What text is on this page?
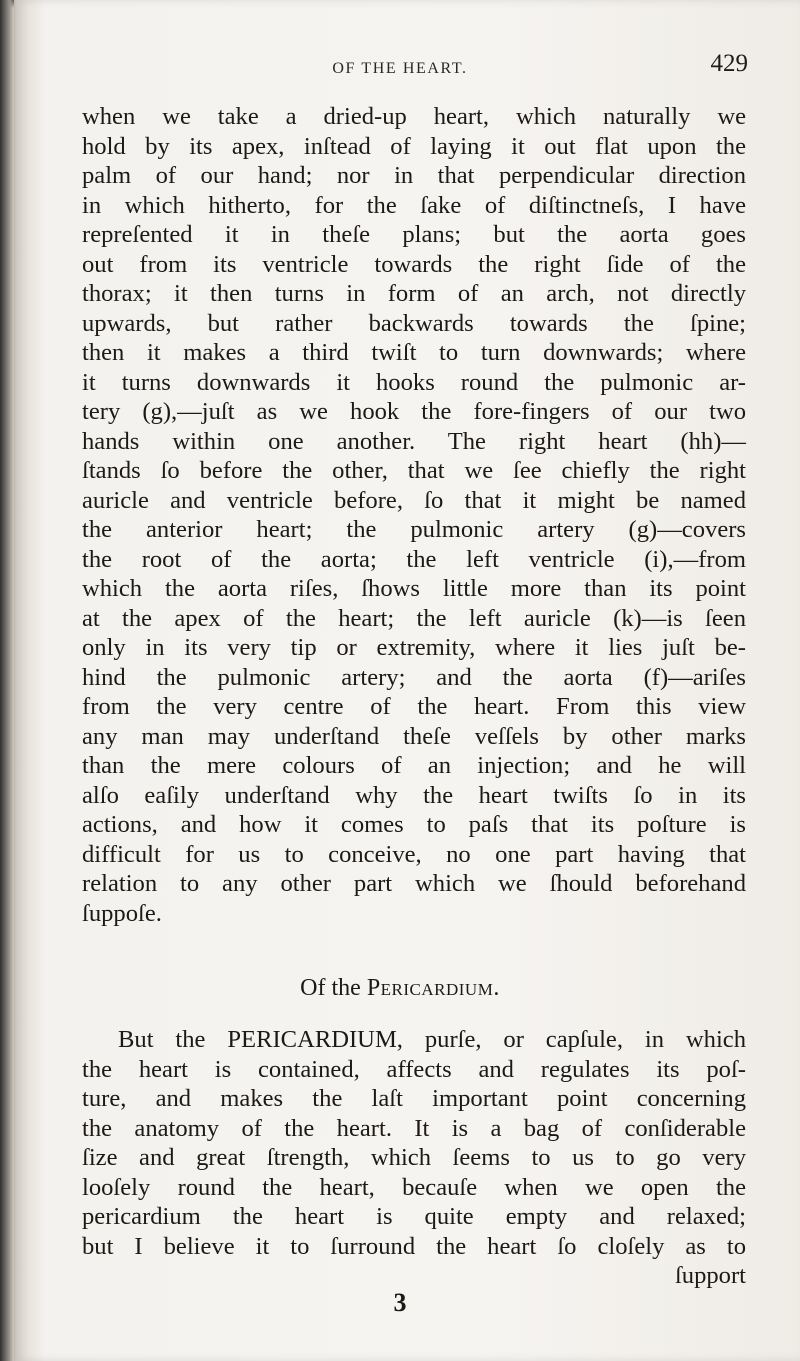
OF THE HEART.	429
when we take a dried-up heart, which naturally we
hold by its apex, inſtead of laying it out flat upon the
palm of our hand; nor in that perpendicular direction
in which hitherto, for the ſake of diſtinctneſs, I have
repreſented it in theſe plans; but the aorta goes
out from its ventricle towards the right ſide of the
thorax; it then turns in form of an arch, not directly
upwards, but rather backwards towards the ſpine;
then it makes a third twiſt to turn downwards; where
it turns downwards it hooks round the pulmonic ar-
tery (g),—juſt as we hook the fore-fingers of our two
hands within one another. The right heart (hh)—
ſtands ſo before the other, that we ſee chiefly the right
auricle and ventricle before, ſo that it might be named
the anterior heart; the pulmonic artery (g)—covers
the root of the aorta; the left ventricle (i),—from
which the aorta riſes, ſhows little more than its point
at the apex of the heart; the left auricle (k)—is ſeen
only in its very tip or extremity, where it lies juſt be-
hind the pulmonic artery; and the aorta (f)—ariſes
from the very centre of the heart. From this view
any man may underſtand theſe veſſels by other marks
than the mere colours of an injection; and he will
alſo eaſily underſtand why the heart twiſts ſo in its
actions, and how it comes to paſs that its poſture is
difficult for us to conceive, no one part having that
relation to any other part which we ſhould beforehand
ſuppoſe.
Of the Pericardium.
But the PERICARDIUM, purſe, or capſule, in which
the heart is contained, affects and regulates its poſ-
ture, and makes the laſt important point concerning
the anatomy of the heart. It is a bag of conſiderable
ſize and great ſtrength, which ſeems to us to go very
looſely round the heart, becauſe when we open the
pericardium the heart is quite empty and relaxed;
but I believe it to ſurround the heart ſo cloſely as to
ſupport
3
